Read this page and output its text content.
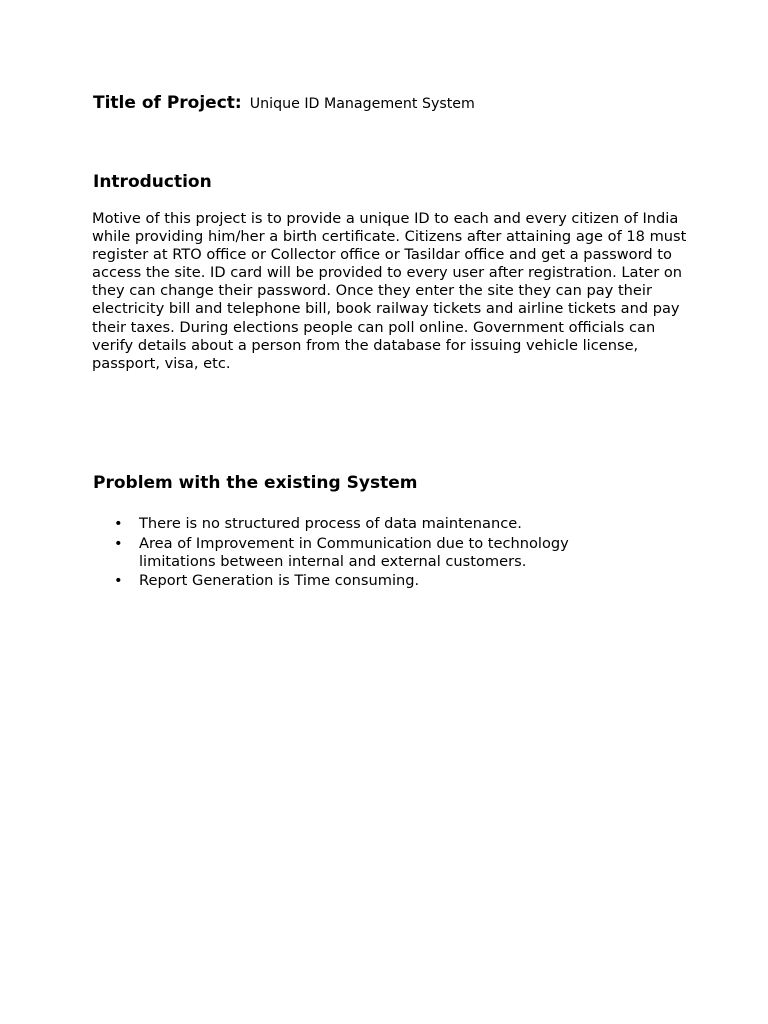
Title of Project: Unique ID Management System
Introduction

Motive of this project is to provide a unique ID to each and every citizen of India while providing him/her a birth certificate. Citizens after attaining age of 18 must register at RTO office or Collector office or Tasildar office and get a password to access the site. ID card will be provided to every user after registration. Later on they can change their password. Once they enter the site they can pay their electricity bill and telephone bill, book railway tickets and airline tickets and pay their taxes. During elections people can poll online. Government officials can verify details about a person from the database for issuing vehicle license, passport, visa, etc.

Problem with the existing System
• There is no structured process of data maintenance.
• Area of Improvement in Communication due to technology limitations between internal and external customers.
• Report Generation is Time consuming.
